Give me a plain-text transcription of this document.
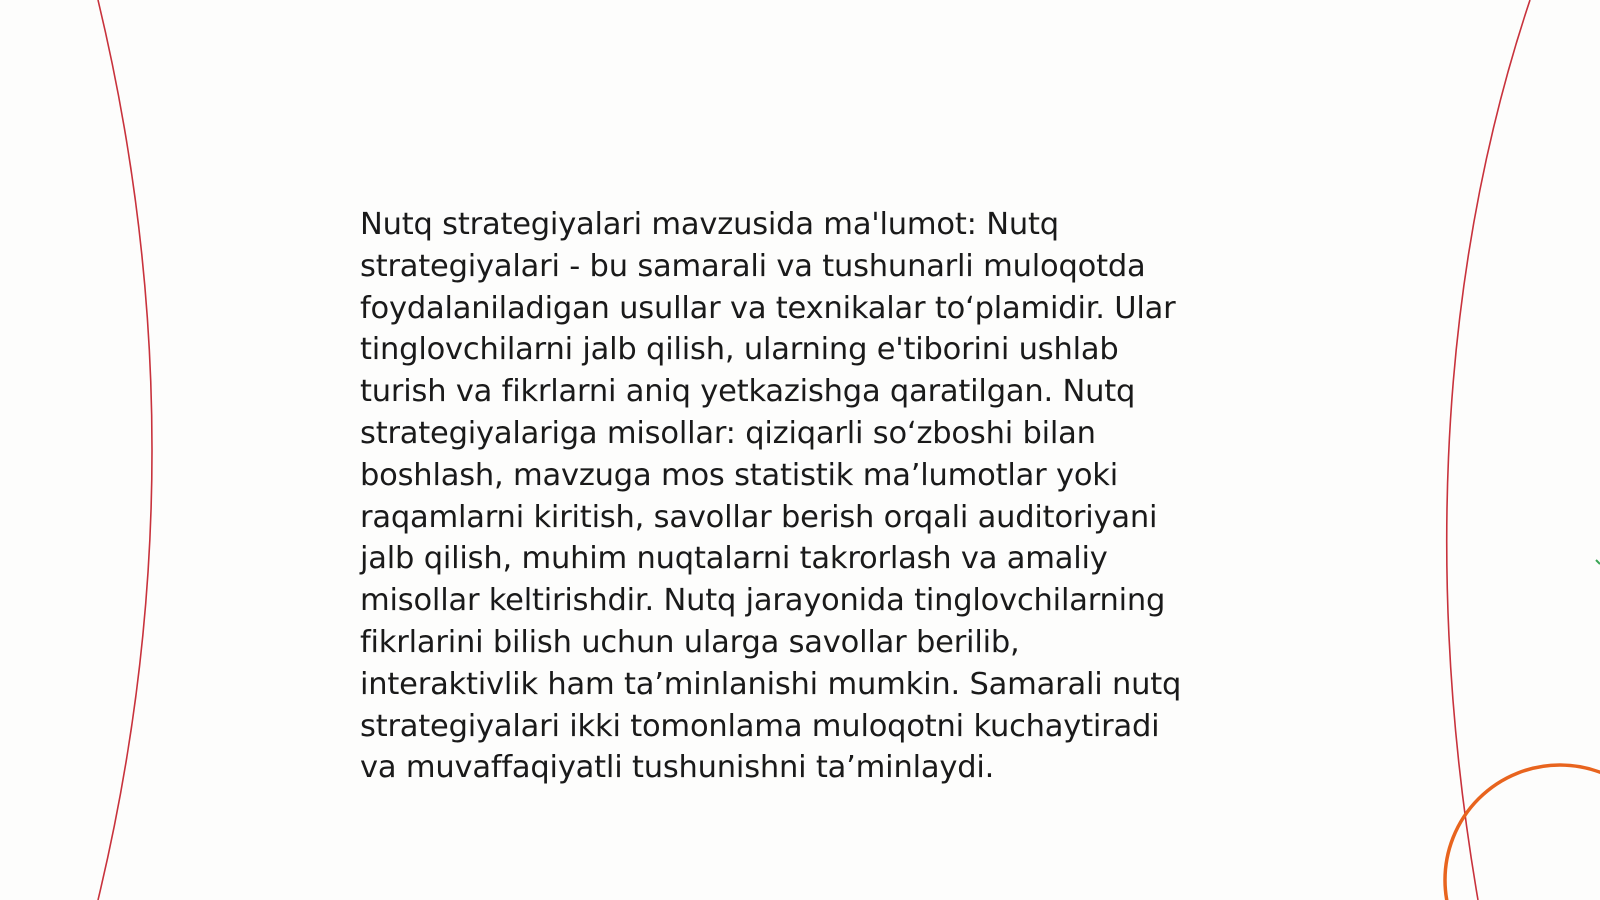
Nutq strategiyalari mavzusida ma'lumot: Nutq
strategiyalari - bu samarali va tushunarli muloqotda
foydalaniladigan usullar va texnikalar to‘plamidir. Ular
tinglovchilarni jalb qilish, ularning e'tiborini ushlab
turish va fikrlarni aniq yetkazishga qaratilgan. Nutq
strategiyalariga misollar: qiziqarli so‘zboshi bilan
boshlash, mavzuga mos statistik ma’lumotlar yoki
raqamlarni kiritish, savollar berish orqali auditoriyani
jalb qilish, muhim nuqtalarni takrorlash va amaliy
misollar keltirishdir. Nutq jarayonida tinglovchilarning
fikrlarini bilish uchun ularga savollar berilib,
interaktivlik ham ta’minlanishi mumkin. Samarali nutq
strategiyalari ikki tomonlama muloqotni kuchaytiradi
va muvaffaqiyatli tushunishni ta’minlaydi.
